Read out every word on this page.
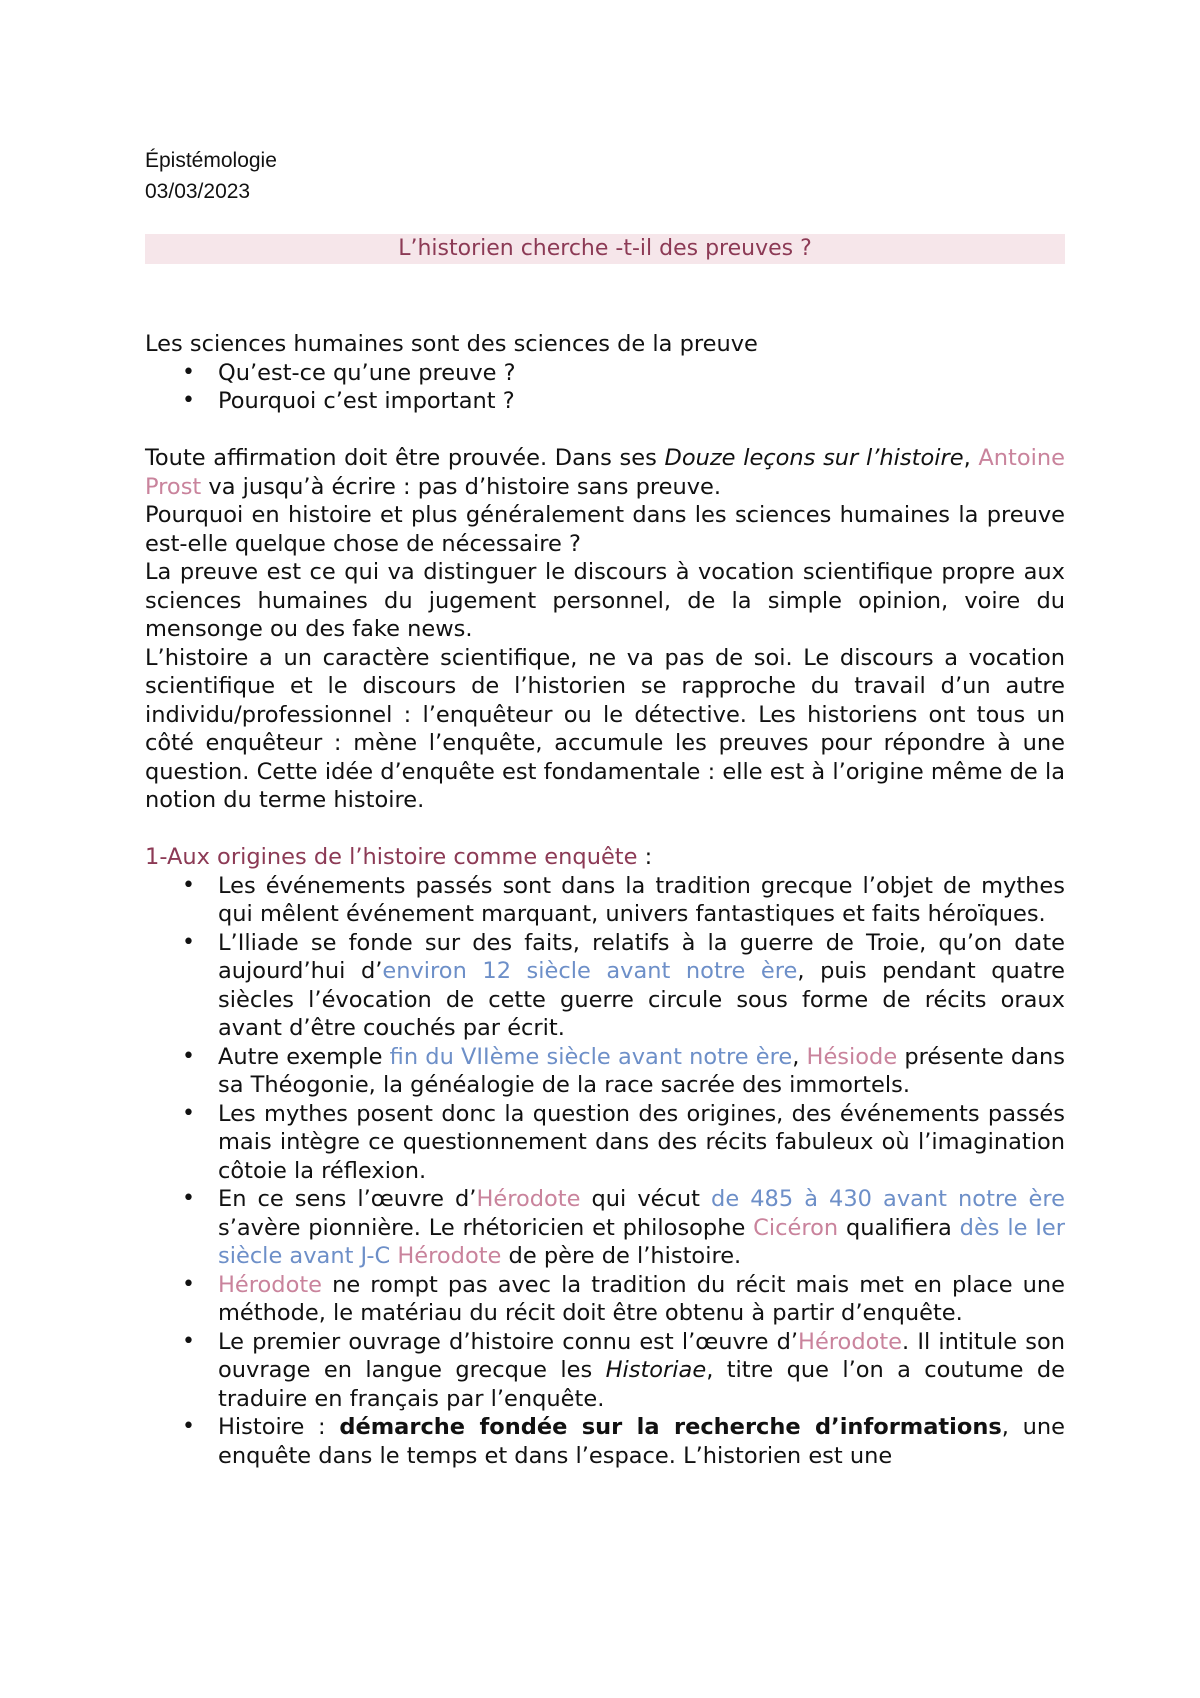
Épistémologie
03/03/2023
L’historien cherche -t-il des preuves ?

Les sciences humaines sont des sciences de la preuve

• Qu’est-ce qu’une preuve ?
• Pourquoi c’est important ?

Toute affirmation doit être prouvée. Dans ses Douze leçons sur l’histoire, Antoine Prost va jusqu’à écrire : pas d’histoire sans preuve.

Pourquoi en histoire et plus généralement dans les sciences humaines la preuve est-elle quelque chose de nécessaire ?

La preuve est ce qui va distinguer le discours à vocation scientifique propre aux sciences humaines du jugement personnel, de la simple opinion, voire du mensonge ou des fake news.

L’histoire a un caractère scientifique, ne va pas de soi. Le discours a vocation scientifique et le discours de l’historien se rapproche du travail d’un autre individu/professionnel : l’enquêteur ou le détective. Les historiens ont tous un côté enquêteur : mène l’enquête, accumule les preuves pour répondre à une question. Cette idée d’enquête est fondamentale : elle est à l’origine même de la notion du terme histoire.

1-Aux origines de l’histoire comme enquête :

• Les événements passés sont dans la tradition grecque l’objet de mythes qui mêlent événement marquant, univers fantastiques et faits héroïques.
• L’Iliade se fonde sur des faits, relatifs à la guerre de Troie, qu’on date aujourd’hui d’environ 12 siècle avant notre ère, puis pendant quatre siècles l’évocation de cette guerre circule sous forme de récits oraux avant d’être couchés par écrit.
• Autre exemple fin du VIIème siècle avant notre ère, Hésiode présente dans sa Théogonie, la généalogie de la race sacrée des immortels.
• Les mythes posent donc la question des origines, des événements passés mais intègre ce questionnement dans des récits fabuleux où l’imagination côtoie la réflexion.
• En ce sens l’œuvre d’Hérodote qui vécut de 485 à 430 avant notre ère s’avère pionnière. Le rhétoricien et philosophe Cicéron qualifiera dès le Ier siècle avant J-C Hérodote de père de l’histoire.
• Hérodote ne rompt pas avec la tradition du récit mais met en place une méthode, le matériau du récit doit être obtenu à partir d’enquête.
• Le premier ouvrage d’histoire connu est l’œuvre d’Hérodote. Il intitule son ouvrage en langue grecque les Historiae, titre que l’on a coutume de traduire en français par l’enquête.
• Histoire : démarche fondée sur la recherche d’informations, une enquête dans le temps et dans l’espace. L’historien est une
